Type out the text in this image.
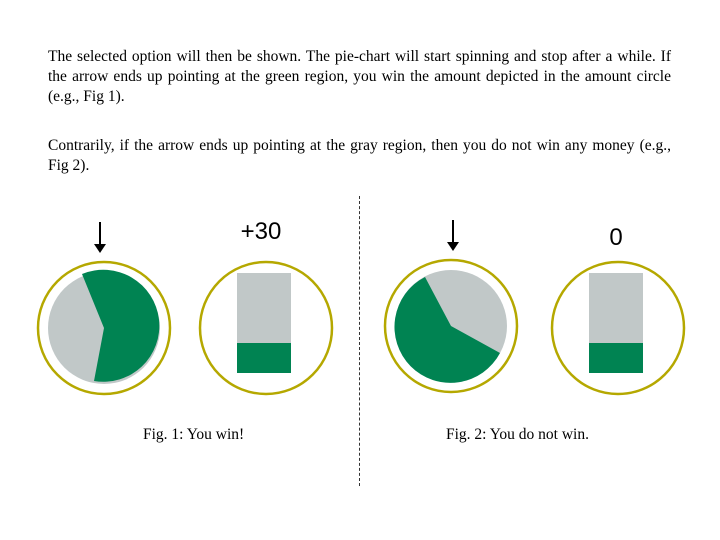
The selected option will then be shown. The pie-chart will start spinning and stop after a while. If the arrow ends up pointing at the green region, you win the amount depicted in the amount circle (e.g., Fig 1).

Contrarily, if the arrow ends up pointing at the gray region, then you do not win any money (e.g., Fig 2).

+30	0
Fig. 1: You win!	Fig. 2: You do not win.
